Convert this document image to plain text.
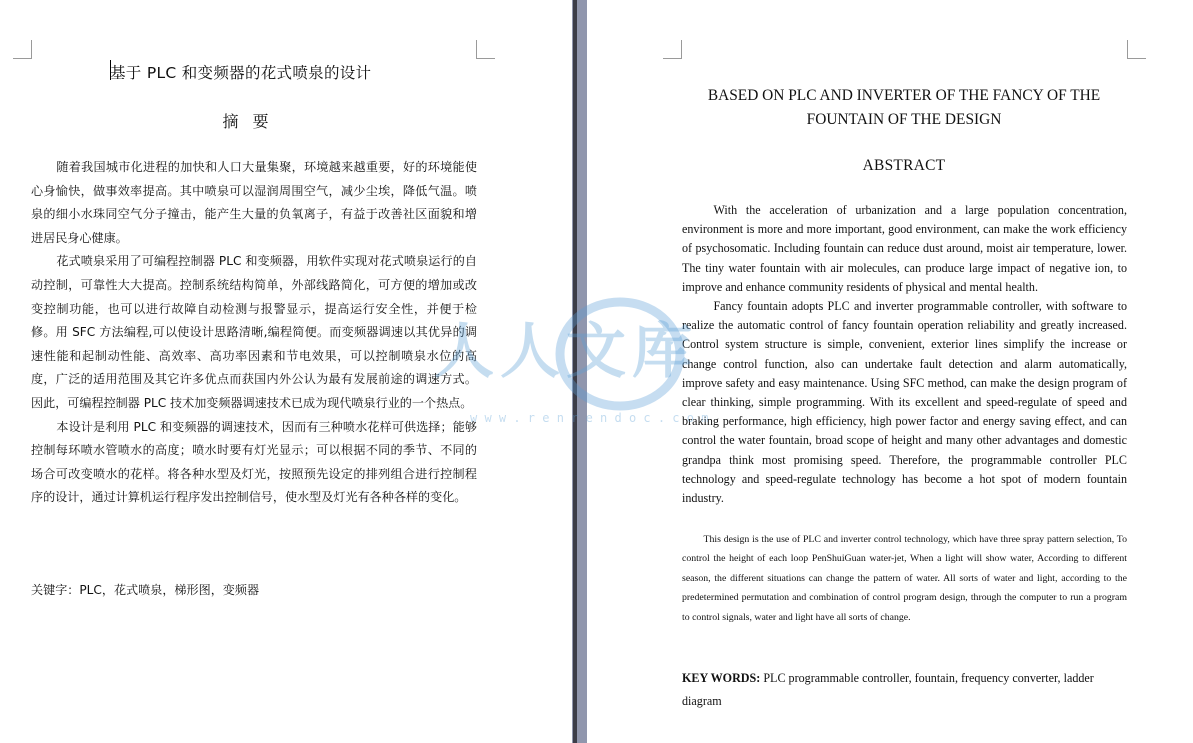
基于 PLC 和变频器的花式喷泉的设计
摘要

随着我国城市化进程的加快和人口大量集聚，环境越来越重要，好的环境能使心身愉快，做事效率提高。其中喷泉可以湿润周围空气，减少尘埃，降低气温。喷泉的细小水珠同空气分子撞击，能产生大量的负氧离子，有益于改善社区面貌和增进居民身心健康。

花式喷泉采用了可编程控制器 PLC 和变频器，用软件实现对花式喷泉运行的自动控制，可靠性大大提高。控制系统结构简单，外部线路简化，可方便的增加或改变控制功能，也可以进行故障自动检测与报警显示，提高运行安全性，并便于检修。用 SFC 方法编程,可以使设计思路清晰,编程简便。而变频器调速以其优异的调速性能和起制动性能、高效率、高功率因素和节电效果，可以控制喷泉水位的高度，广泛的适用范围及其它许多优点而获国内外公认为最有发展前途的调速方式。因此，可编程控制器 PLC 技术加变频器调速技术已成为现代喷泉行业的一个热点。

本设计是利用 PLC 和变频器的调速技术，因而有三种喷水花样可供选择；能够控制每环喷水管喷水的高度；喷水时要有灯光显示；可以根据不同的季节、不同的场合可改变喷水的花样。将各种水型及灯光，按照预先设定的排列组合进行控制程序的设计，通过计算机运行程序发出控制信号，使水型及灯光有各种各样的变化。

关键字：PLC，花式喷泉，梯形图，变频器
BASED ON PLC AND INVERTER OF THE FANCY OF THE
FOUNTAIN OF THE DESIGN
ABSTRACT

With the acceleration of urbanization and a large population concentration, environment is more and more important, good environment, can make the work efficiency of psychosomatic. Including fountain can reduce dust around, moist air temperature, lower. The tiny water fountain with air molecules, can produce large impact of negative ion, to improve and enhance community residents of physical and mental health.

Fancy fountain adopts PLC and inverter programmable controller, with software to realize the automatic control of fancy fountain operation reliability and greatly increased. Control system structure is simple, convenient, exterior lines simplify the increase or change control function, also can undertake fault detection and alarm automatically, improve safety and easy maintenance. Using SFC method, can make the design program of clear thinking, simple programming. With its excellent and speed-regulate of speed and braking performance, high efficiency, high power factor and energy saving effect, and can control the water fountain, broad scope of height and many other advantages and domestic grandpa think most promising speed. Therefore, the programmable controller PLC technology and speed-regulate technology has become a hot spot of modern fountain industry.

This design is the use of PLC and inverter control technology, which have three spray pattern selection, To control the height of each loop PenShuiGuan water-jet, When a light will show water, According to different season, the different situations can change the pattern of water. All sorts of water and light, according to the predetermined permutation and combination of control program design, through the computer to run a program to control signals, water and light have all sorts of change.

KEY WORDS: PLC programmable controller, fountain, frequency converter, ladder diagram
人人文库
w w w . r e n r e n d o c . c o m
